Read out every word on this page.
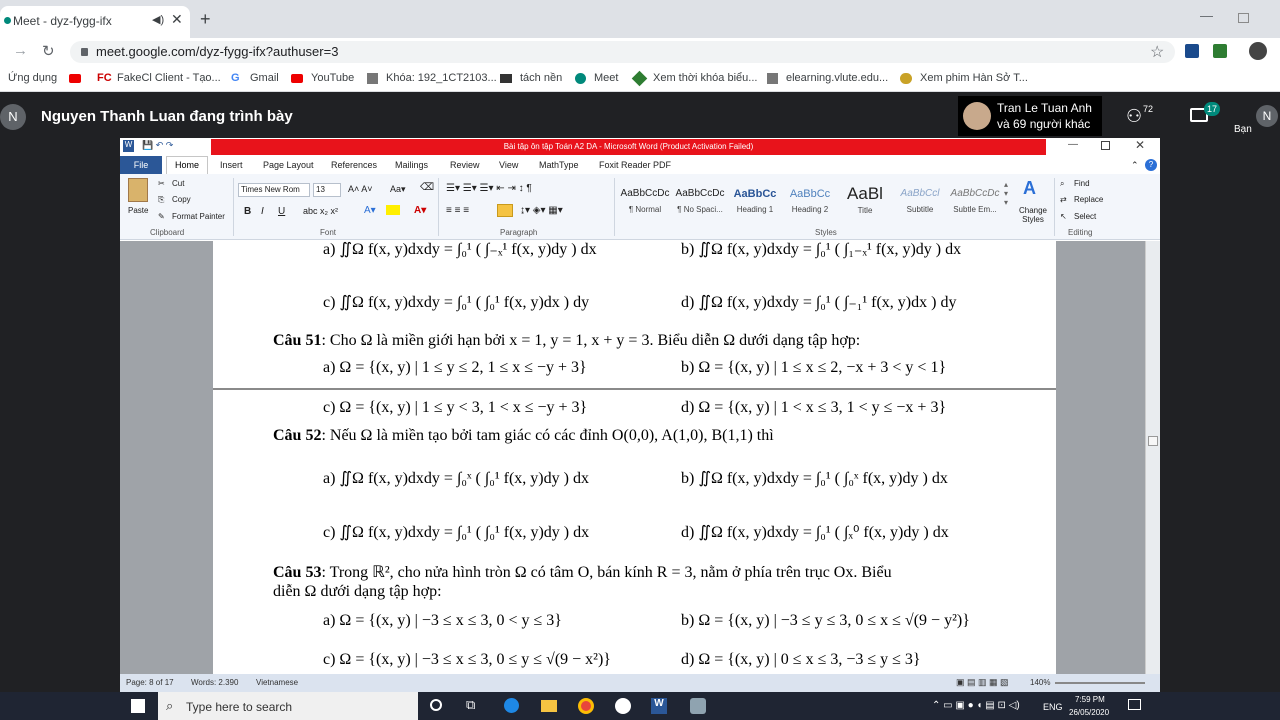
Meet - dyz-fygg-ifx	◀) ✕ +	—
→ ↻	meet.google.com/dyz-fygg-ifx?authuser=3	☆
Ứng dụng	FC FakeCl Client - Tạo... G Gmail	YouTube	Khóa: 192_1CT2103... tách nền	Meet	Xem thời khóa biểu...	elearning.vlute.edu...	Xem phim Hàn Sở T...
N	Nguyen Thanh Luan đang trình bày	Tran Le Tuan Anh
và 69 người khác ⚇ 72	17	N
Bạn
W 💾 ↶ ↷	Bài tập ôn tập Toán A2 DA - Microsoft Word (Product Activation Failed)	—	✕
Insert Page Layout References Mailings Review View MathType Foxit Reader PDF	⌃	?
File	Home
Paste
✂ Cut
⎘ Copy
✎ Format Painter
Clipboard
Times New Rom	13	A˄ A˅ Aa▾ ⌫
B I U abc x₂ x²	A▾	A▾
Font
☰▾ ☰▾ ☰▾ ⇤ ⇥ ↕ ¶
≡ ≡ ≡	↨▾ ◈▾ ▦▾
Paragraph
AaBbCcDc
¶ Normal
AaBbCcDc
¶ No Spaci...
AaBbCc
Heading 1
AaBbCc
Heading 2
AaBl
Title
AaBbCcl
Subtitle
AaBbCcDc
Subtle Em...
▴
▾
▾
A
Change Styles
Styles
⌕ Find
⇄ Replace
↖ Select
Editing
a) ∬Ω f(x, y)dxdy = ∫₀¹ ( ∫₋ₓ¹ f(x, y)dy ) dx	b) ∬Ω f(x, y)dxdy = ∫₀¹ ( ∫₁₋ₓ¹ f(x, y)dy ) dx
c) ∬Ω f(x, y)dxdy = ∫₀¹ ( ∫₀¹ f(x, y)dx ) dy	d) ∬Ω f(x, y)dxdy = ∫₀¹ ( ∫₋₁¹ f(x, y)dx ) dy
Câu 51: Cho Ω là miền giới hạn bởi x = 1, y = 1, x + y = 3. Biểu diễn Ω dưới dạng tập hợp:
a) Ω = {(x, y) | 1 ≤ y ≤ 2, 1 ≤ x ≤ −y + 3}	b) Ω = {(x, y) | 1 ≤ x ≤ 2, −x + 3 < y < 1}
c) Ω = {(x, y) | 1 ≤ y < 3, 1 < x ≤ −y + 3}	d) Ω = {(x, y) | 1 < x ≤ 3, 1 < y ≤ −x + 3}
Câu 52: Nếu Ω là miền tạo bởi tam giác có các đỉnh O(0,0), A(1,0), B(1,1) thì
a) ∬Ω f(x, y)dxdy = ∫₀ˣ ( ∫₀¹ f(x, y)dy ) dx	b) ∬Ω f(x, y)dxdy = ∫₀¹ ( ∫₀ˣ f(x, y)dy ) dx
c) ∬Ω f(x, y)dxdy = ∫₀¹ ( ∫₀¹ f(x, y)dy ) dx	d) ∬Ω f(x, y)dxdy = ∫₀¹ ( ∫ₓ⁰ f(x, y)dy ) dx
Câu 53: Trong ℝ², cho nửa hình tròn Ω có tâm O, bán kính R = 3, nằm ở phía trên trục Ox. Biểu
diễn Ω dưới dạng tập hợp:
a) Ω = {(x, y) | −3 ≤ x ≤ 3, 0 < y ≤ 3}	b) Ω = {(x, y) | −3 ≤ y ≤ 3, 0 ≤ x ≤ √(9 − y²)}
c) Ω = {(x, y) | −3 ≤ x ≤ 3, 0 ≤ y ≤ √(9 − x²)}	d) Ω = {(x, y) | 0 ≤ x ≤ 3, −3 ≤ y ≤ 3}
Page: 8 of 17 Words: 2.390 Vietnamese	▣ ▤ ▥ ▦ ▧	140%
⌕ Type here to search	⧉	W	⌃ ▭ ▣ ● ◖ ▤ ⊡ ◁)	ENG
7:59 PM
26/05/2020
